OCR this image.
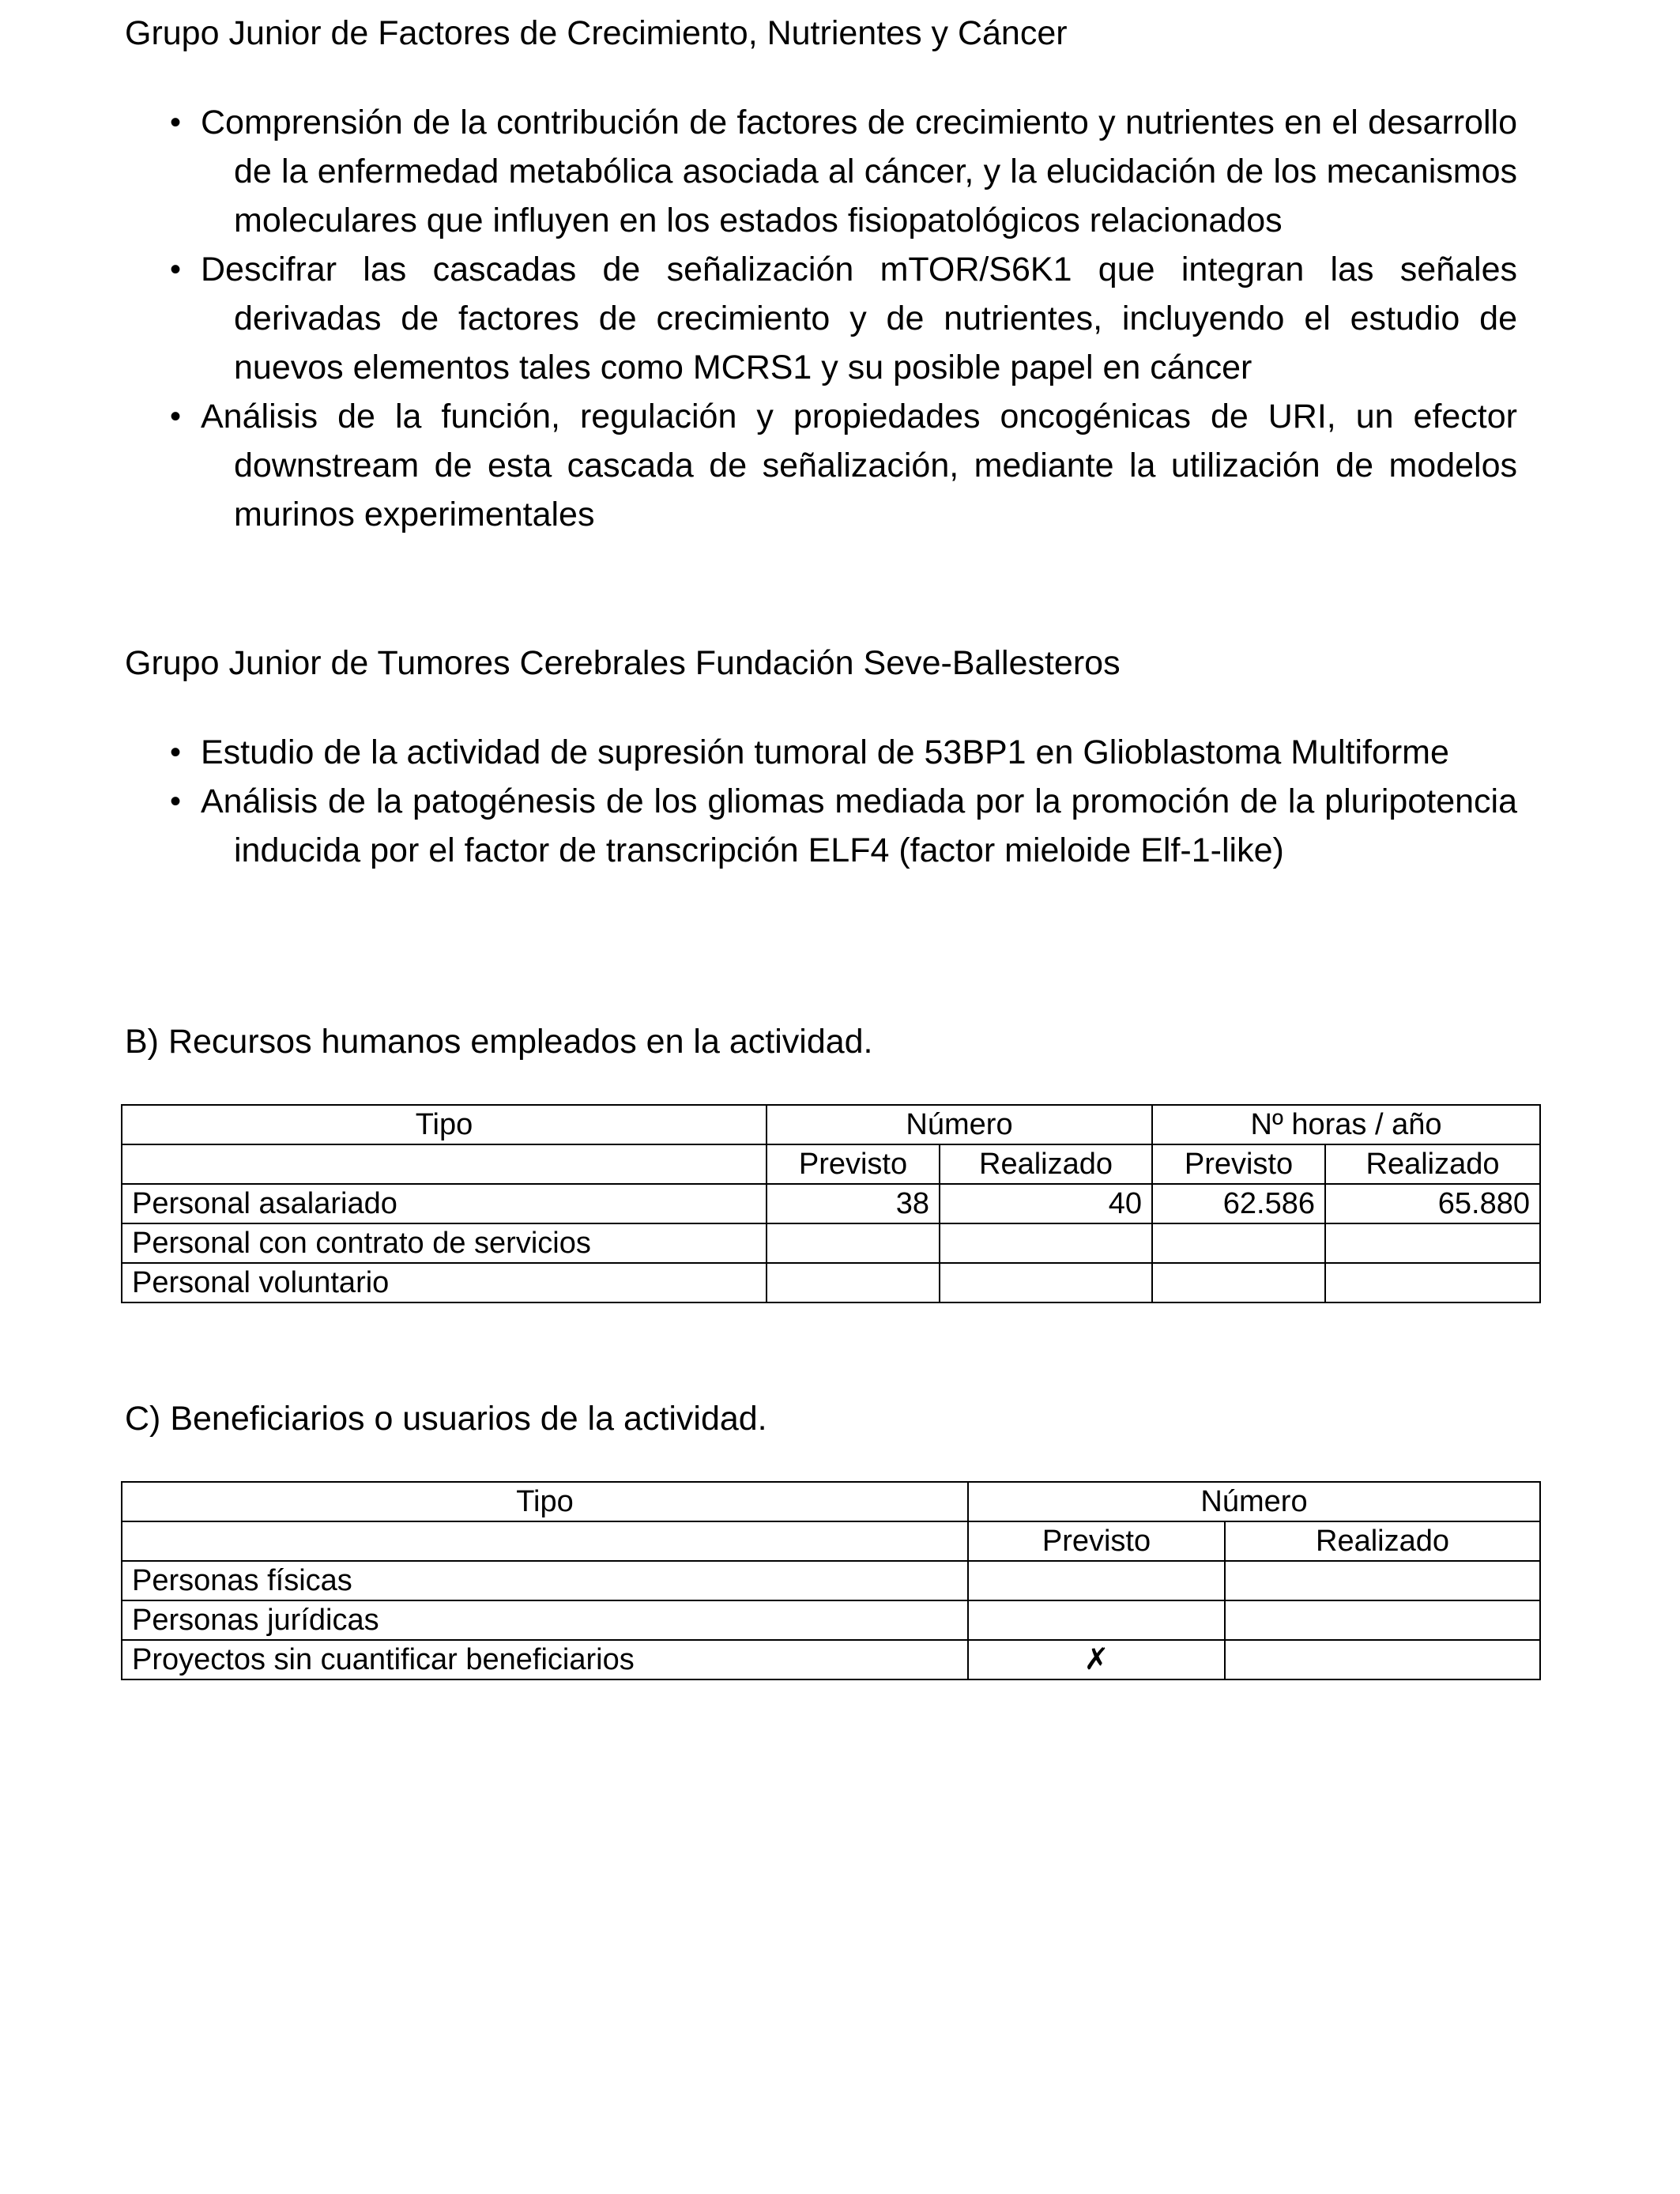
Grupo Junior de Factores de Crecimiento, Nutrientes y Cáncer
• Comprensión de la contribución de factores de crecimiento y nutrientes en el desarrollo de la enfermedad metabólica asociada al cáncer, y la elucidación de los mecanismos moleculares que influyen en los estados fisiopatológicos relacionados
• Descifrar las cascadas de señalización mTOR/S6K1 que integran las señales derivadas de factores de crecimiento y de nutrientes, incluyendo el estudio de nuevos elementos tales como MCRS1 y su posible papel en cáncer
• Análisis de la función, regulación y propiedades oncogénicas de URI, un efector downstream de esta cascada de señalización, mediante la utilización de modelos murinos experimentales
Grupo Junior de Tumores Cerebrales Fundación Seve-Ballesteros
• Estudio de la actividad de supresión tumoral de 53BP1 en Glioblastoma Multiforme
• Análisis de la patogénesis de los gliomas mediada por la promoción de la pluripotencia inducida por el factor de transcripción ELF4 (factor mieloide Elf-1-like)
B) Recursos humanos empleados en la actividad.
Tipo	Número		Nº horas / año	
	Previsto	Realizado	Previsto	Realizado
Personal asalariado	38	40	62.586	65.880
Personal con contrato de servicios				
Personal voluntario				
C) Beneficiarios o usuarios de la actividad.
Tipo	Número	
	Previsto	Realizado
Personas físicas		
Personas jurídicas		
Proyectos sin cuantificar beneficiarios	✗	
